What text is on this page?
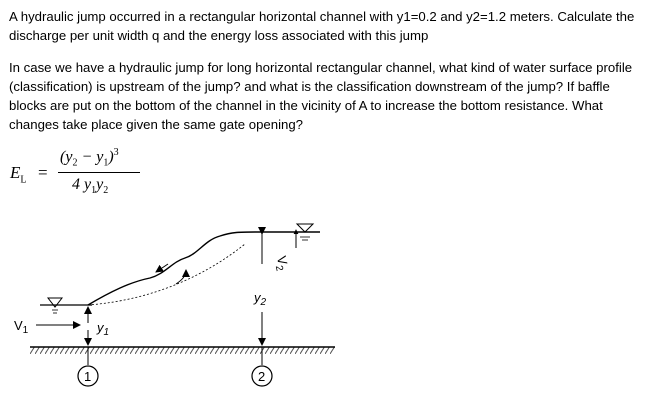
A hydraulic jump occurred in a rectangular horizontal channel with y1=0.2 and y2=1.2 meters. Calculate the discharge per unit width q and the energy loss associated with this jump
In case we have a hydraulic jump for long horizontal rectangular channel, what kind of water surface profile (classification) is upstream of the jump? and what is the classification downstream of the jump? If baffle blocks are put on the bottom of the channel in the vicinity of A to increase the bottom resistance. What changes take place given the same gate opening?
$E_L$ =
$(y_2 - y_1)^3$
4 $y_1y_2$
$V_2$
$y_2$
$y_1$
$V_1$
1	2
